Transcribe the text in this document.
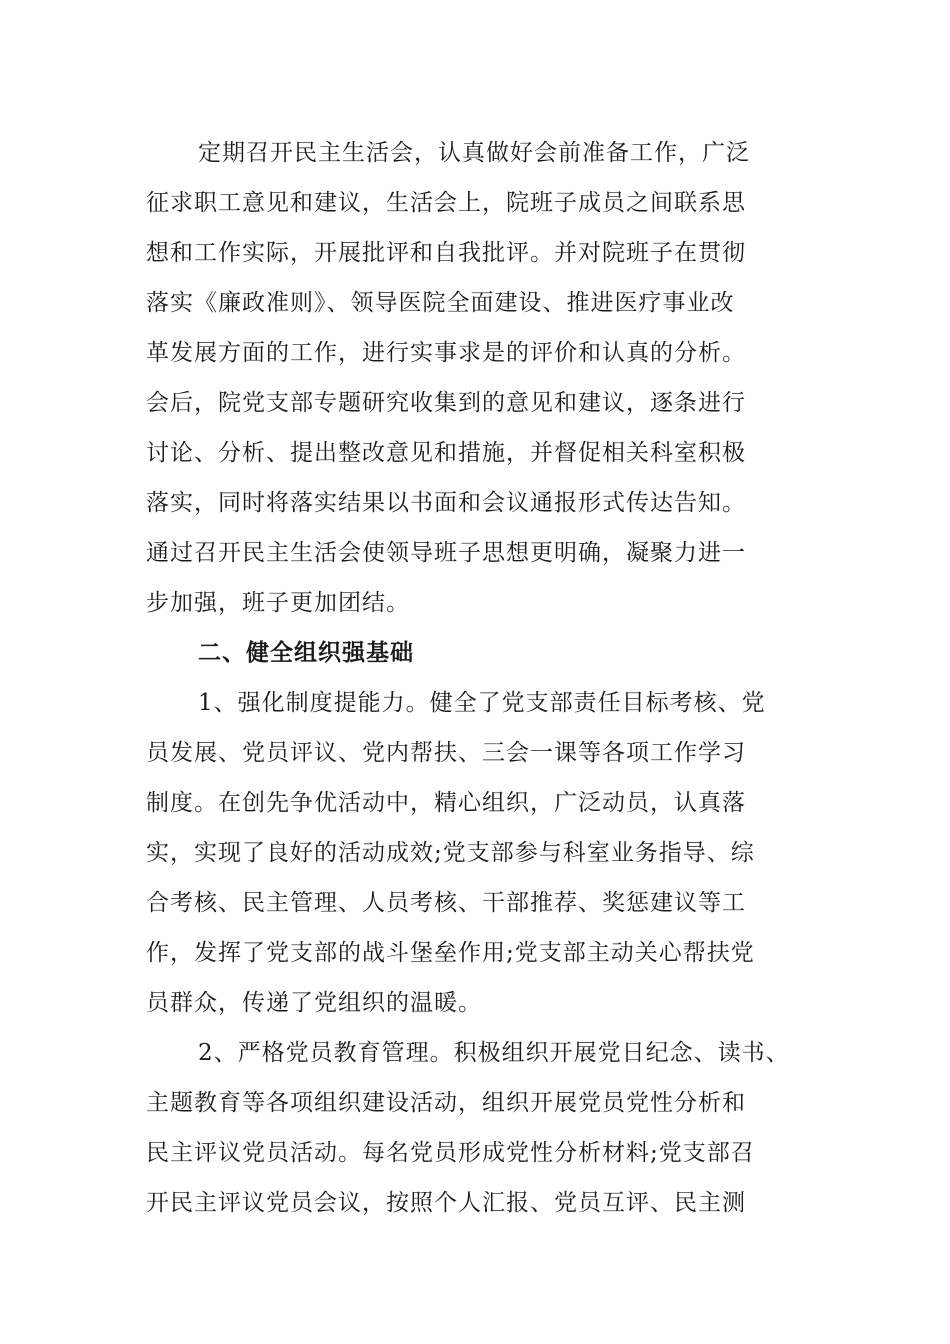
定期召开民主生活会，认真做好会前准备工作，广泛
征求职工意见和建议，生活会上，院班子成员之间联系思
想和工作实际，开展批评和自我批评。并对院班子在贯彻
落实《廉政准则》、领导医院全面建设、推进医疗事业改
革发展方面的工作，进行实事求是的评价和认真的分析。
会后，院党支部专题研究收集到的意见和建议，逐条进行
讨论、分析、提出整改意见和措施，并督促相关科室积极
落实，同时将落实结果以书面和会议通报形式传达告知。
通过召开民主生活会使领导班子思想更明确，凝聚力进一
步加强，班子更加团结。
二、健全组织强基础
1、强化制度提能力。健全了党支部责任目标考核、党
员发展、党员评议、党内帮扶、三会一课等各项工作学习
制度。在创先争优活动中，精心组织，广泛动员，认真落
实，实现了良好的活动成效;党支部参与科室业务指导、综
合考核、民主管理、人员考核、干部推荐、奖惩建议等工
作，发挥了党支部的战斗堡垒作用;党支部主动关心帮扶党
员群众，传递了党组织的温暖。
2、严格党员教育管理。积极组织开展党日纪念、读书、
主题教育等各项组织建设活动，组织开展党员党性分析和
民主评议党员活动。每名党员形成党性分析材料;党支部召
开民主评议党员会议，按照个人汇报、党员互评、民主测
